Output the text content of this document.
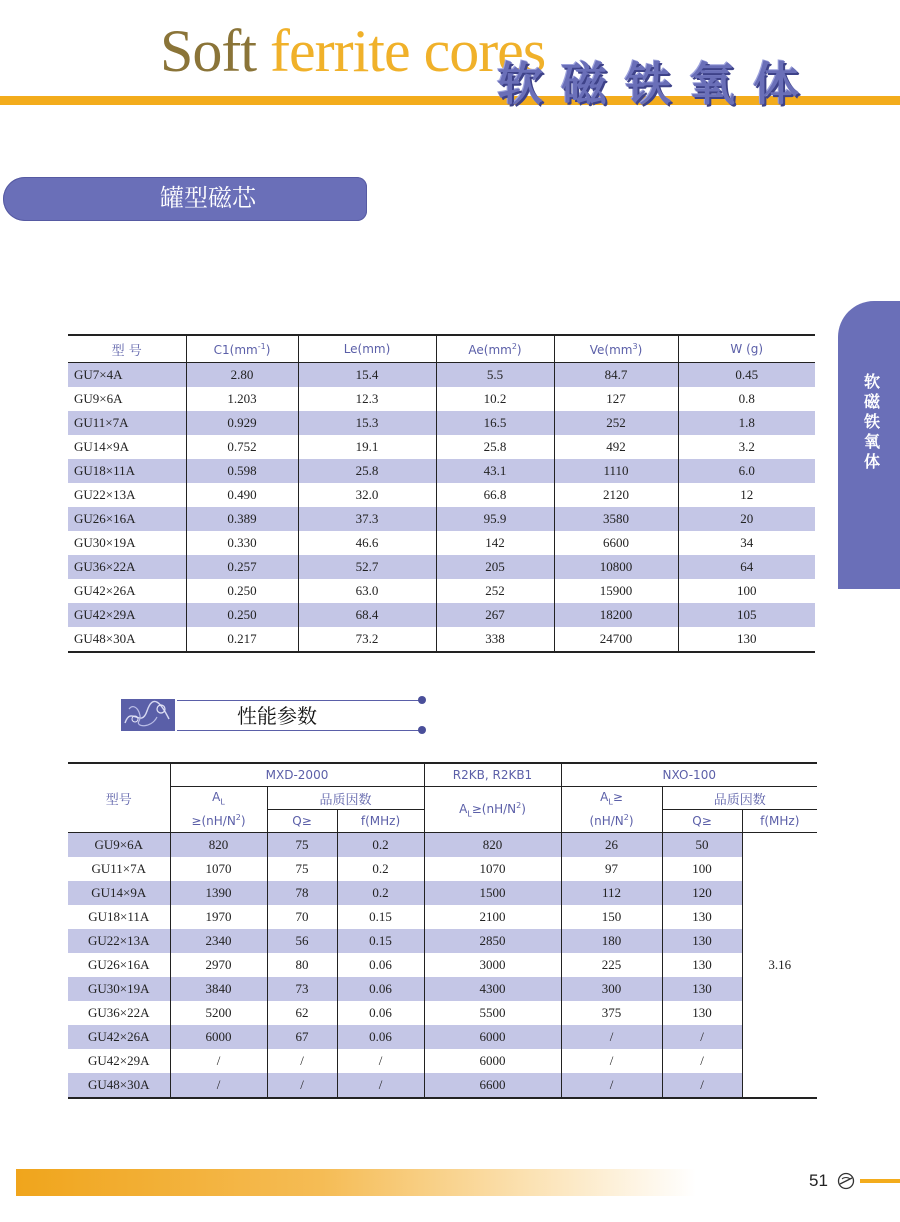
Soft ferrite cores
软磁铁氧体
软磁铁氧体
罐型磁芯
型 号	$C1(mm^{-1})$	Le(mm)	$Ae(mm^2)$	$Ve(mm^3)$	W (g)
GU7×4A	2.80	15.4	5.5	84.7	0.45
GU9×6A	1.203	12.3	10.2	127	0.8
GU11×7A	0.929	15.3	16.5	252	1.8
GU14×9A	0.752	19.1	25.8	492	3.2
GU18×11A	0.598	25.8	43.1	1110	6.0
GU22×13A	0.490	32.0	66.8	2120	12
GU26×16A	0.389	37.3	95.9	3580	20
GU30×19A	0.330	46.6	142	6600	34
GU36×22A	0.257	52.7	205	10800	64
GU42×26A	0.250	63.0	252	15900	100
GU42×29A	0.250	68.4	267	18200	105
GU48×30A	0.217	73.2	338	24700	130
性能参数
型号	MXD-2000			R2KB, R2KB1	NXO-100		
	$A_L$	品质因数		$A_L\ge(nH/N^2)$	$A_L\ge$	品质因数	
	$\ge(nH/N^2)$	Q≥	f(MHz)		$(nH/N^2)$	Q≥	f(MHz)
GU9×6A	820	75	0.2	820	26	50	3.16
GU11×7A	1070	75	0.2	1070	97	100	
GU14×9A	1390	78	0.2	1500	112	120	
GU18×11A	1970	70	0.15	2100	150	130	
GU22×13A	2340	56	0.15	2850	180	130	
GU26×16A	2970	80	0.06	3000	225	130	
GU30×19A	3840	73	0.06	4300	300	130	
GU36×22A	5200	62	0.06	5500	375	130	
GU42×26A	6000	67	0.06	6000	/	/	
GU42×29A	/	/	/	6000	/	/	
GU48×30A	/	/	/	6600	/	/	
51
